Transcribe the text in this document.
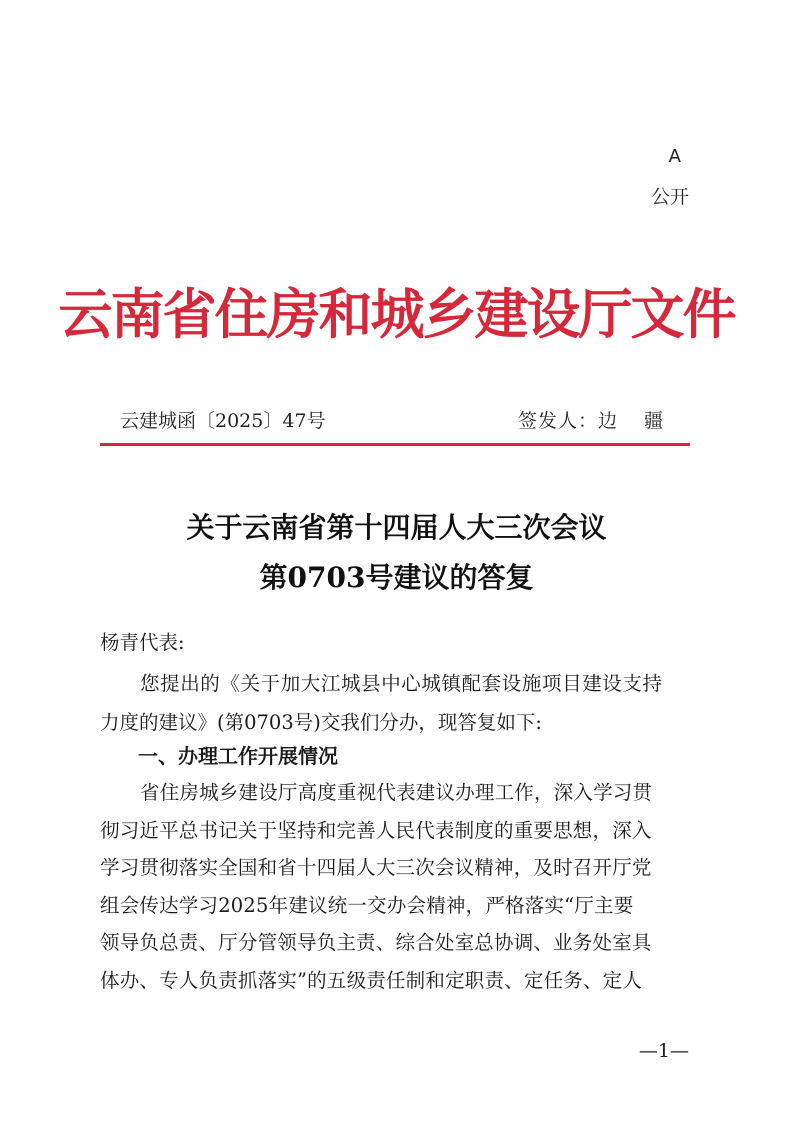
A
公开
云南省住房和城乡建设厅文件
云建城函〔2025〕47号	签发人：边 疆
关于云南省第十四届人大三次会议
第0703号建议的答复
杨青代表:
您提出的《关于加大江城县中心城镇配套设施项目建设支持
力度的建议》(第0703号)交我们分办，现答复如下:
一、办理工作开展情况
省住房城乡建设厅高度重视代表建议办理工作，深入学习贯
彻习近平总书记关于坚持和完善人民代表制度的重要思想，深入
学习贯彻落实全国和省十四届人大三次会议精神，及时召开厅党
组会传达学习2025年建议统一交办会精神，严格落实“厅主要
领导负总责、厅分管领导负主责、综合处室总协调、业务处室具
体办、专人负责抓落实”的五级责任制和定职责、定任务、定人
—1—
